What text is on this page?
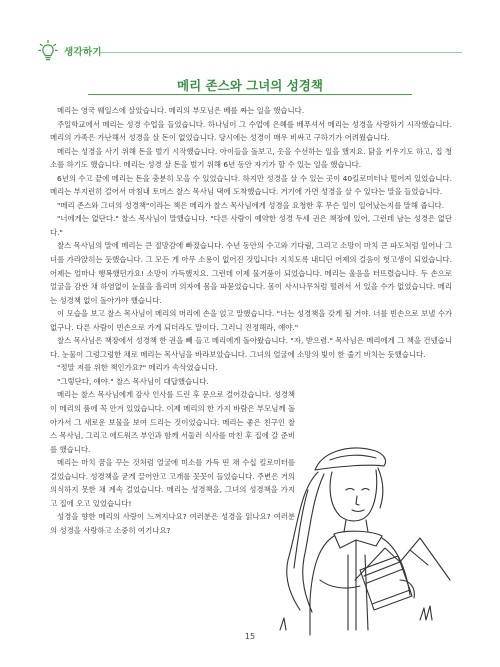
생각하기
메리 존스와 그녀의 성경책

메리는 영국 웨일스에 살았습니다. 메리의 부모님은 베를 짜는 일을 했습니다.

주일학교에서 메리는 성경 수업을 들었습니다. 하나님이 그 수업에 은혜를 베푸셔서 메리는 성경을 사랑하기 시작했습니다. 메리의 가족은 가난해서 성경을 살 돈이 없었습니다. 당시에는 성경이 매우 비싸고 구하기가 어려웠습니다.

메리는 성경을 사기 위해 돈을 벌기 시작했습니다. 아이들을 돌보고, 옷을 수선하는 일을 했지요. 닭을 키우기도 하고, 집 청소를 하기도 했습니다. 메리는 성경 살 돈을 벌기 위해 6년 동안 자기가 할 수 있는 일을 했습니다.

6년의 수고 끝에 메리는 돈을 충분히 모을 수 있었습니다. 하지만 성경을 살 수 있는 곳이 40킬로미터나 떨어져 있었습니다. 메리는 부지런히 걸어서 마침내 토머스 찰스 목사님 댁에 도착했습니다. 거기에 가면 성경을 살 수 있다는 말을 들었습니다.

"메리 존스와 그녀의 성경책"이라는 책은 메리가 찰스 목사님에게 성경을 요청한 후 무슨 일이 일어났는지를 말해 줍니다.

"너에게는 없단다." 찰스 목사님이 말했습니다. "다른 사람이 예약한 성경 두세 권은 책장에 있어, 그런데 남는 성경은 없단다."

찰스 목사님의 말에 메리는 큰 절망감에 빠졌습니다. 수년 동안의 수고와 기다림, 그리고 소망이 마치 큰 파도처럼 일어나 그녀를 가라앉히는 듯했습니다. 그 모든 게 아무 소용이 없어진 것입니다! 지치도록 내디딘 어제의 걸음이 헛고생이 되었습니다. 어제는 얼마나 행복했던가요! 소망이 가득했지요. 그런데 이제 물거품이 되었습니다. 메리는 울음을 터뜨렸습니다. 두 손으로 얼굴을 감싼 채 하염없이 눈물을 흘리며 의자에 몸을 파묻었습니다. 몸이 사시나무처럼 떨려서 서 있을 수가 없었습니다. 메리는 성경책 없이 돌아가야 했습니다.

이 모습을 보고 찰스 목사님이 메리의 머리에 손을 얹고 말했습니다. "너는 성경책을 갖게 될 거야. 너를 빈손으로 보낼 수가 없구나. 다른 사람이 빈손으로 가게 되더라도 말이다. 그러니 진정해라, 얘야."

찰스 목사님은 책장에서 성경책 한 권을 빼 들고 메리에게 돌아왔습니다. "자, 받으렴." 목사님은 메리에게 그 책을 건넸습니다. 눈물이 그렁그렁한 채로 메리는 목사님을 바라보았습니다. 그녀의 얼굴에 소망의 빛이 한 줄기 비치는 듯했습니다.

"정말 저를 위한 책인가요?" 메리가 속삭였습니다.

"그렇단다, 얘야." 찰스 목사님이 대답했습니다.

메리는 찰스 목사님에게 감사 인사를 드린 후 문으로 걸어갔습니다. 성경책이 메리의 품에 꼭 안겨 있었습니다. 이제 메리의 한 가지 바람은 부모님께 돌아가서 그 새로운 보물을 보여 드리는 것이었습니다. 메리는 좋은 친구인 찰스 목사님, 그리고 에드워즈 부인과 함께 서둘러 식사를 마친 후 집에 갈 준비를 했습니다.

메리는 마치 꿈을 꾸는 것처럼 얼굴에 미소를 가득 띤 채 수십 킬로미터를 걸었습니다. 성경책을 굳게 끌어안고 고개를 꼿꼿이 들었습니다. 주변은 거의 의식하지 못한 채 계속 걸었습니다. 메리는 성경책을, 그녀의 성경책을 가지고 집에 오고 있었습니다!

성경을 향한 메리의 사랑이 느껴지나요? 여러분은 성경을 읽나요? 여러분의 성경을 사랑하고 소중히 여기나요?

15
